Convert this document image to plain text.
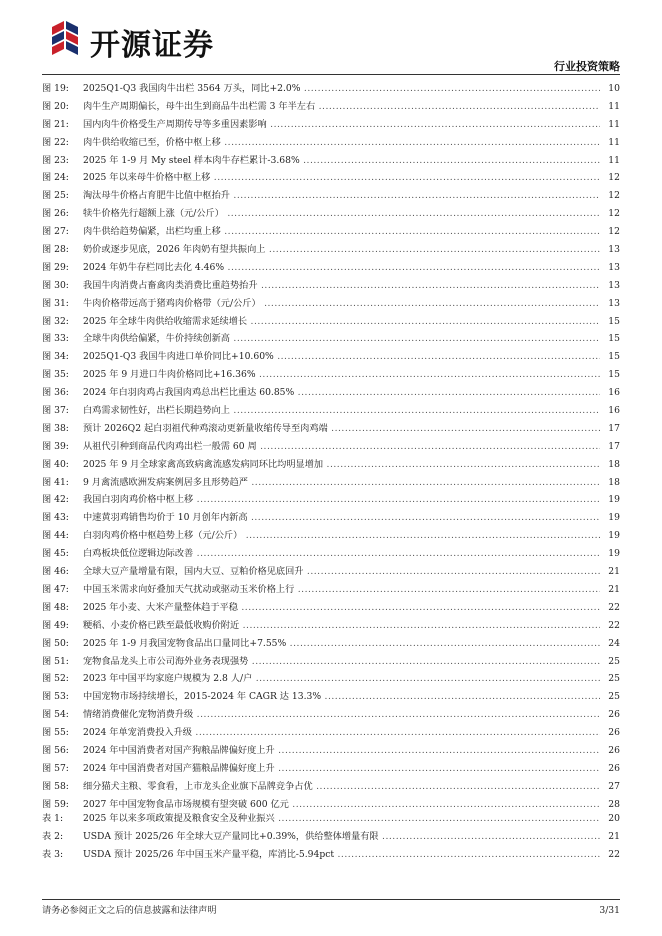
开源证券
行业投资策略
图 19: 2025Q1-Q3 我国肉牛出栏 3564 万头，同比+2.0% .....	10
图 20: 肉牛生产周期偏长，母牛出生到商品牛出栏需 3 年半左右 .....	11
图 21: 国内肉牛价格受生产周期传导等多重因素影响 .....	11
图 22: 肉牛供给收缩已至，价格中枢上移 .....	11
图 23: 2025 年 1-9 月 My steel 样本肉牛存栏累计-3.68% .....	11
图 24: 2025 年以来母牛价格中枢上移 .....	12
图 25: 淘汰母牛价格占育肥牛比值中枢抬升 .....	12
图 26: 犊牛价格先行超额上涨（元/公斤） .....	12
图 27: 肉牛供给趋势偏紧，出栏均重上移 .....	12
图 28: 奶价或逐步见底，2026 年肉奶有望共振向上 .....	13
图 29: 2024 年奶牛存栏同比去化 4.46% .....	13
图 30: 我国牛肉消费占畜禽肉类消费比重趋势抬升 .....	13
图 31: 牛肉价格带远高于猪鸡肉价格带（元/公斤） .....	13
图 32: 2025 年全球牛肉供给收缩需求延续增长 .....	15
图 33: 全球牛肉供给偏紧，牛价持续创新高 .....	15
图 34: 2025Q1-Q3 我国牛肉进口单价同比+10.60% .....	15
图 35: 2025 年 9 月进口牛肉价格同比+16.36% .....	15
图 36: 2024 年白羽肉鸡占我国肉鸡总出栏比重达 60.85% .....	16
图 37: 白鸡需求韧性好，出栏长期趋势向上 .....	16
图 38: 预计 2026Q2 起白羽祖代种鸡滚动更新量收缩传导至肉鸡端 .....	17
图 39: 从祖代引种到商品代肉鸡出栏一般需 60 周 .....	17
图 40: 2025 年 9 月全球家禽高致病禽流感发病同环比均明显增加 .....	18
图 41: 9 月禽流感欧洲发病案例居多且形势趋严 .....	18
图 42: 我国白羽肉鸡价格中枢上移 .....	19
图 43: 中速黄羽鸡销售均价于 10 月创年内新高 .....	19
图 44: 白羽肉鸡价格中枢趋势上移（元/公斤） .....	19
图 45: 白鸡板块低位逻辑边际改善 .....	19
图 46: 全球大豆产量增量有限，国内大豆、豆粕价格见底回升 .....	21
图 47: 中国玉米需求向好叠加天气扰动或驱动玉米价格上行 .....	21
图 48: 2025 年小麦、大米产量整体趋于平稳 .....	22
图 49: 粳稻、小麦价格已跌至最低收购价附近 .....	22
图 50: 2025 年 1-9 月我国宠物食品出口量同比+7.55% .....	24
图 51: 宠物食品龙头上市公司海外业务表现强势 .....	25
图 52: 2023 年中国平均家庭户规模为 2.8 人/户 .....	25
图 53: 中国宠物市场持续增长，2015-2024 年 CAGR 达 13.3% .....	25
图 54: 情绪消费催化宠物消费升级 .....	26
图 55: 2024 年单宠消费投入升级 .....	26
图 56: 2024 年中国消费者对国产狗粮品牌偏好度上升 .....	26
图 57: 2024 年中国消费者对国产猫粮品牌偏好度上升 .....	26
图 58: 细分猫犬主粮、零食看，上市龙头企业旗下品牌竞争占优 .....	27
图 59: 2027 年中国宠物食品市场规模有望突破 600 亿元 .....	28
表 1: 2025 年以来多项政策提及粮食安全及种业振兴 .....	20
表 2: USDA 预计 2025/26 年全球大豆产量同比+0.39%，供给整体增量有限 .....	21
表 3: USDA 预计 2025/26 年中国玉米产量平稳，库消比-5.94pct .....	22
请务必参阅正文之后的信息披露和法律声明	3/31
